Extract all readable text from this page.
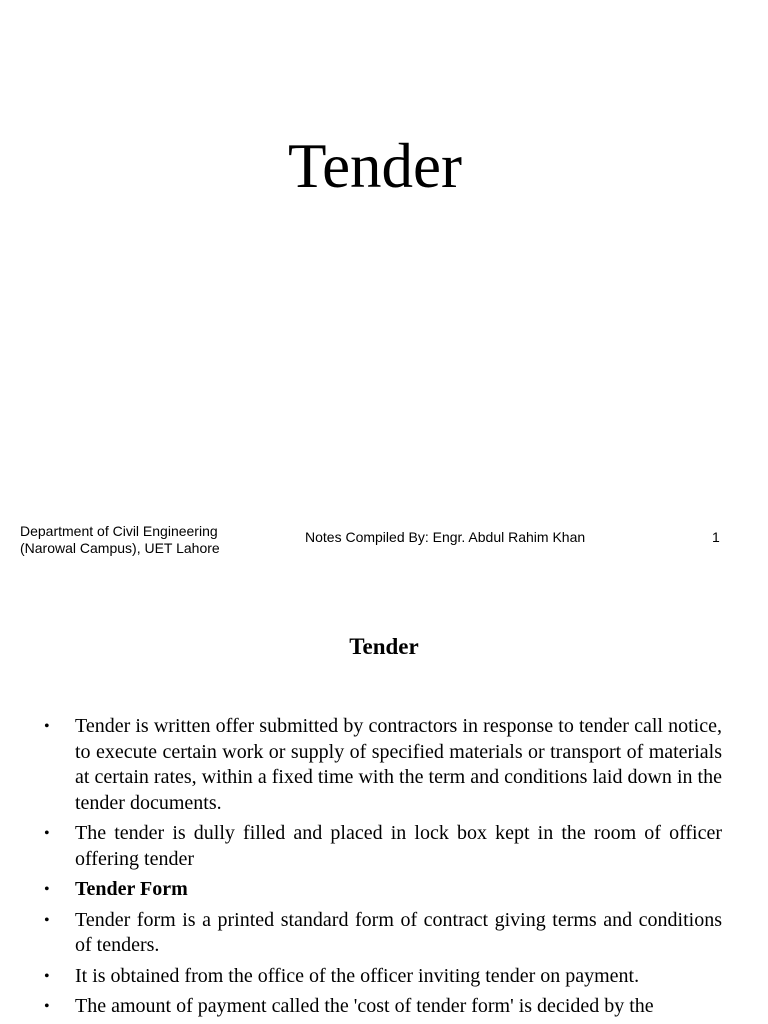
Tender
Department of Civil Engineering
(Narowal Campus), UET Lahore
Notes Compiled By: Engr. Abdul Rahim Khan	1
Tender
• Tender is written offer submitted by contractors in response to tender call notice, to execute certain work or supply of specified materials or transport of materials at certain rates, within a fixed time with the term and conditions laid down in the tender documents.
• The tender is dully filled and placed in lock box kept in the room of officer offering tender
• Tender Form
• Tender form is a printed standard form of contract giving terms and conditions of tenders.
• It is obtained from the office of the officer inviting tender on payment.
• The amount of payment called the 'cost of tender form' is decided by the
